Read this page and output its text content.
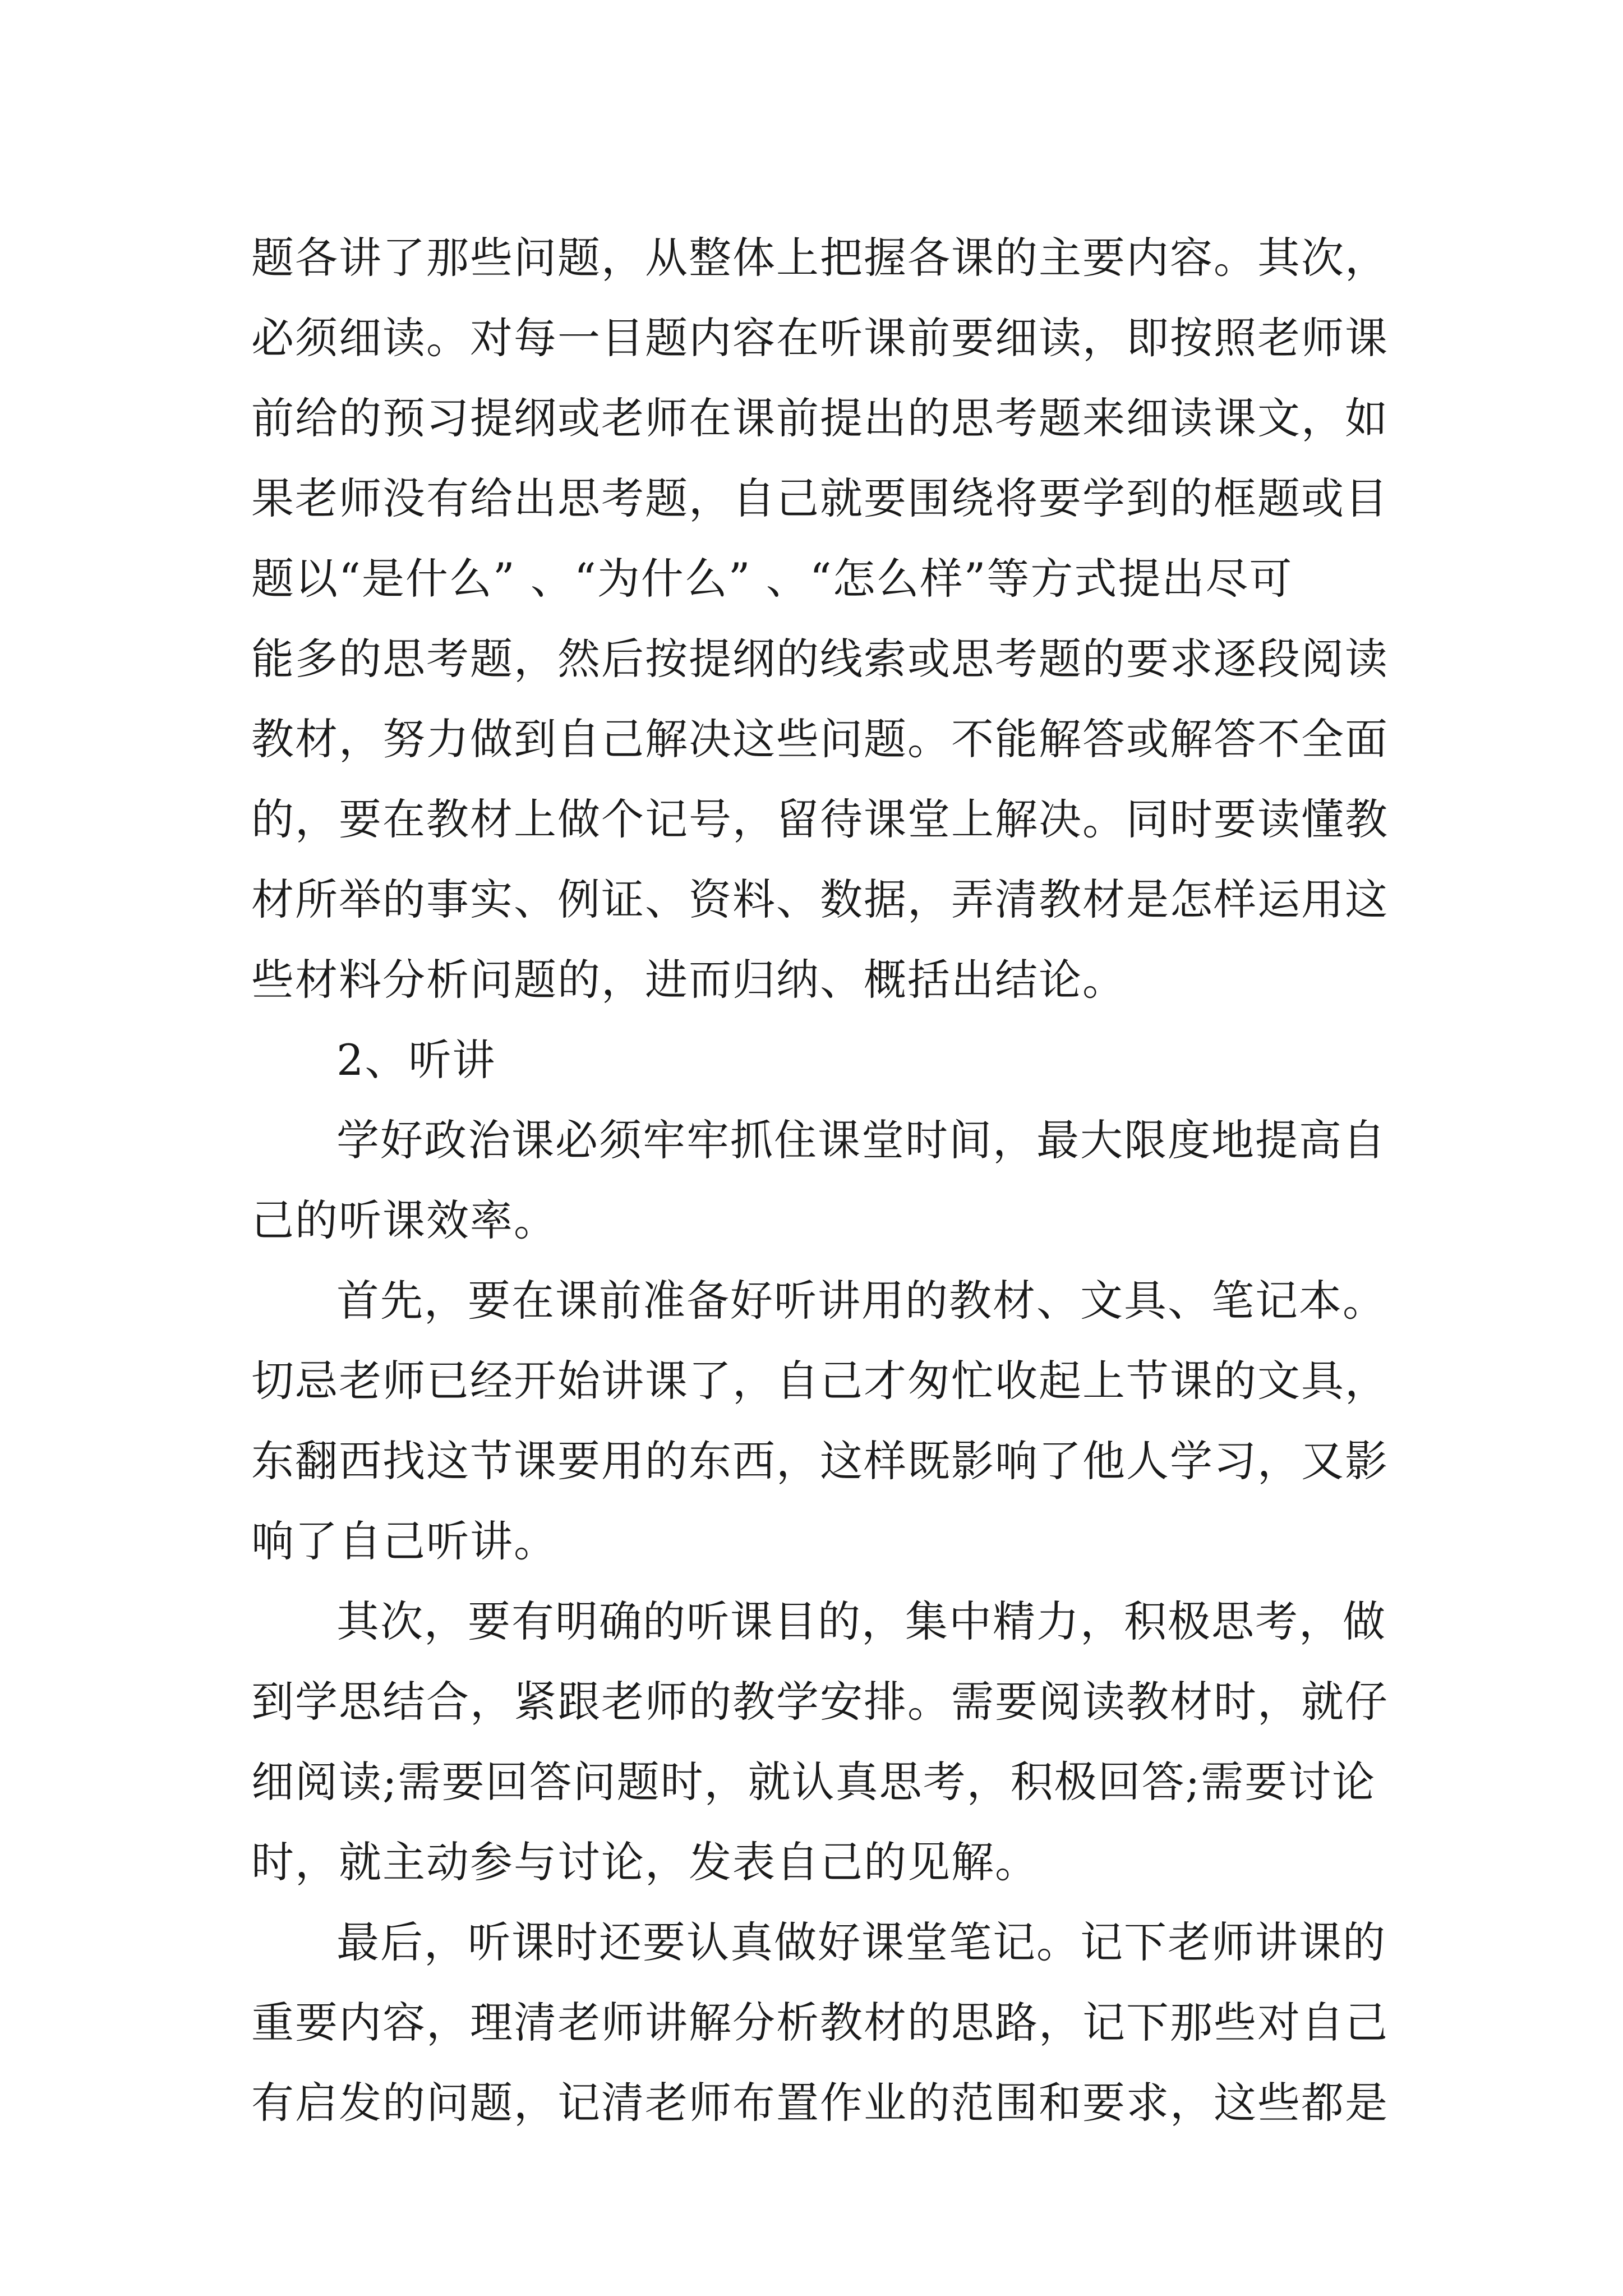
题各讲了那些问题，从整体上把握各课的主要内容。其次，
必须细读。对每一目题内容在听课前要细读，即按照老师课
前给的预习提纲或老师在课前提出的思考题来细读课文，如
果老师没有给出思考题，自己就要围绕将要学到的框题或目
题以“是什么” 、“为什么” 、“怎么样”等方式提出尽可
能多的思考题，然后按提纲的线索或思考题的要求逐段阅读
教材，努力做到自己解决这些问题。不能解答或解答不全面
的，要在教材上做个记号，留待课堂上解决。同时要读懂教
材所举的事实、例证、资料、数据，弄清教材是怎样运用这
些材料分析问题的，进而归纳、概括出结论。
2、听讲
学好政治课必须牢牢抓住课堂时间，最大限度地提高自
己的听课效率。
首先，要在课前准备好听讲用的教材、文具、笔记本。
切忌老师已经开始讲课了，自己才匆忙收起上节课的文具，
东翻西找这节课要用的东西，这样既影响了他人学习，又影
响了自己听讲。
其次，要有明确的听课目的，集中精力，积极思考，做
到学思结合，紧跟老师的教学安排。需要阅读教材时，就仔
细阅读;需要回答问题时，就认真思考，积极回答;需要讨论
时，就主动参与讨论，发表自己的见解。
最后，听课时还要认真做好课堂笔记。记下老师讲课的
重要内容，理清老师讲解分析教材的思路，记下那些对自己
有启发的问题，记清老师布置作业的范围和要求，这些都是
